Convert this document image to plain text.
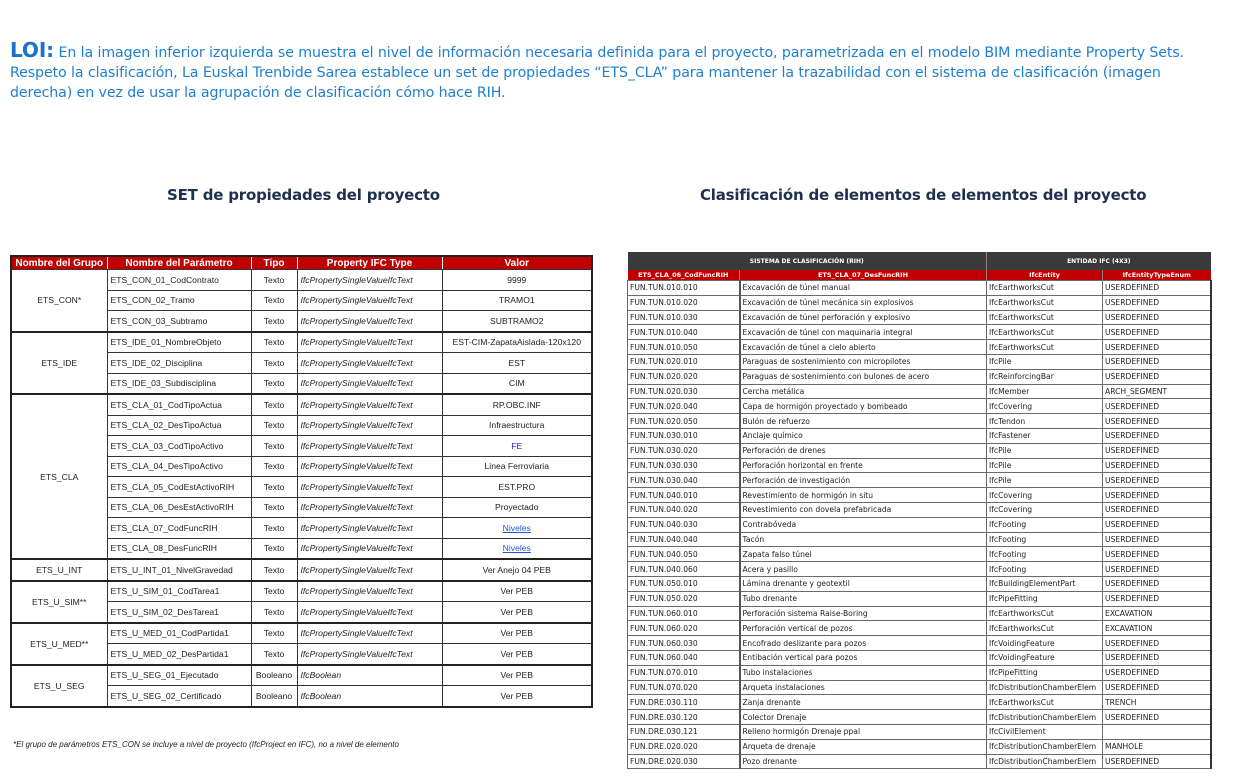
LOI: En la imagen inferior izquierda se muestra el nivel de información necesaria definida para el proyecto, parametrizada en el modelo BIM mediante Property Sets. Respeto la clasificación, La Euskal Trenbide Sarea establece un set de propiedades “ETS_CLA” para mantener la trazabilidad con el sistema de clasificación (imagen derecha) en vez de usar la agrupación de clasificación cómo hace RIH.
SET de propiedades del proyecto	Clasificación de elementos de elementos del proyecto
Nombre del Grupo	Nombre del Parámetro	Tipo	Property IFC Type	Valor
ETS_CON*	ETS_CON_01_CodContrato	Texto	IfcPropertySingleValueIfcText	9999
	ETS_CON_02_Tramo	Texto	IfcPropertySingleValueIfcText	TRAMO1
	ETS_CON_03_Subtramo	Texto	IfcPropertySingleValueIfcText	SUBTRAMO2
ETS_IDE	ETS_IDE_01_NombreObjeto	Texto	IfcPropertySingleValueIfcText	EST-CIM-ZapataAislada-120x120
	ETS_IDE_02_Disciplina	Texto	IfcPropertySingleValueIfcText	EST
	ETS_IDE_03_Subdisciplina	Texto	IfcPropertySingleValueIfcText	CIM
ETS_CLA	ETS_CLA_01_CodTipoActua	Texto	IfcPropertySingleValueIfcText	RP.OBC.INF
	ETS_CLA_02_DesTipoActua	Texto	IfcPropertySingleValueIfcText	Infraestructura
	ETS_CLA_03_CodTipoActivo	Texto	IfcPropertySingleValueIfcText	FE
	ETS_CLA_04_DesTipoActivo	Texto	IfcPropertySingleValueIfcText	Linea Ferroviaria
	ETS_CLA_05_CodEstActivoRIH	Texto	IfcPropertySingleValueIfcText	EST.PRO
	ETS_CLA_06_DesEstActivoRIH	Texto	IfcPropertySingleValueIfcText	Proyectado
	ETS_CLA_07_CodFuncRIH	Texto	IfcPropertySingleValueIfcText	Niveles
	ETS_CLA_08_DesFuncRIH	Texto	IfcPropertySingleValueIfcText	Niveles
ETS_U_INT	ETS_U_INT_01_NivelGravedad	Texto	IfcPropertySingleValueIfcText	Ver Anejo 04 PEB
ETS_U_SIM**	ETS_U_SIM_01_CodTarea1	Texto	IfcPropertySingleValueIfcText	Ver PEB
	ETS_U_SIM_02_DesTarea1	Texto	IfcPropertySingleValueIfcText	Ver PEB
ETS_U_MED**	ETS_U_MED_01_CodPartida1	Texto	IfcPropertySingleValueIfcText	Ver PEB
	ETS_U_MED_02_DesPartida1	Texto	IfcPropertySingleValueIfcText	Ver PEB
ETS_U_SEG	ETS_U_SEG_01_Ejecutado	Booleano	IfcBoolean	Ver PEB
	ETS_U_SEG_02_Certificado	Booleano	IfcBoolean	Ver PEB
*El grupo de parámetros ETS_CON se incluye a nivel de proyecto (IfcProject en IFC), no a nivel de elemento
SISTEMA DE CLASIFICACIÓN (RIH)		ENTIDAD IFC (4X3)	
ETS_CLA_06_CodFuncRIH	ETS_CLA_07_DesFuncRIH	IfcEntity	IfcEntityTypeEnum
FUN.TUN.010.010	Excavación de túnel manual	IfcEarthworksCut	USERDEFINED
FUN.TUN.010.020	Excavación de túnel mecánica sin explosivos	IfcEarthworksCut	USERDEFINED
FUN.TUN.010.030	Excavación de túnel perforación y explosivo	IfcEarthworksCut	USERDEFINED
FUN.TUN.010.040	Excavación de túnel con maquinaria integral	IfcEarthworksCut	USERDEFINED
FUN.TUN.010.050	Excavación de túnel a cielo abierto	IfcEarthworksCut	USERDEFINED
FUN.TUN.020.010	Paraguas de sostenimiento con micropilotes	IfcPile	USERDEFINED
FUN.TUN.020.020	Paraguas de sostenimiento con bulones de acero	IfcReinforcingBar	USERDEFINED
FUN.TUN.020.030	Cercha metálica	IfcMember	ARCH_SEGMENT
FUN.TUN.020.040	Capa de hormigón proyectado y bombeado	IfcCovering	USERDEFINED
FUN.TUN.020.050	Bulón de refuerzo	IfcTendon	USERDEFINED
FUN.TUN.030.010	Anclaje químico	IfcFastener	USERDEFINED
FUN.TUN.030.020	Perforación de drenes	IfcPile	USERDEFINED
FUN.TUN.030.030	Perforación horizontal en frente	IfcPile	USERDEFINED
FUN.TUN.030.040	Perforación de investigación	IfcPile	USERDEFINED
FUN.TUN.040.010	Revestimiento de hormigón in situ	IfcCovering	USERDEFINED
FUN.TUN.040.020	Revestimiento con dovela prefabricada	IfcCovering	USERDEFINED
FUN.TUN.040.030	Contrabóveda	IfcFooting	USERDEFINED
FUN.TUN.040.040	Tacón	IfcFooting	USERDEFINED
FUN.TUN.040.050	Zapata falso túnel	IfcFooting	USERDEFINED
FUN.TUN.040.060	Acera y pasillo	IfcFooting	USERDEFINED
FUN.TUN.050.010	Lámina drenante y geotextil	IfcBuildingElementPart	USERDEFINED
FUN.TUN.050.020	Tubo drenante	IfcPipeFitting	USERDEFINED
FUN.TUN.060.010	Perforación sistema Raise-Boring	IfcEarthworksCut	EXCAVATION
FUN.TUN.060.020	Perforación vertical de pozos	IfcEarthworksCut	EXCAVATION
FUN.TUN.060.030	Encofrado deslizante para pozos	IfcVoidingFeature	USERDEFINED
FUN.TUN.060.040	Entibación vertical para pozos	IfcVoidingFeature	USERDEFINED
FUN.TUN.070.010	Tubo instalaciones	IfcPipeFitting	USERDEFINED
FUN.TUN.070.020	Arqueta instalaciones	IfcDistributionChamberElem	USERDEFINED
FUN.DRE.030.110	Zanja drenante	IfcEarthworksCut	TRENCH
FUN.DRE.030.120	Colector Drenaje	IfcDistributionChamberElem	USERDEFINED
FUN.DRE.030.121	Relleno hormigón Drenaje ppal	IfcCivilElement	
FUN.DRE.020.020	Arqueta de drenaje	IfcDistributionChamberElem	MANHOLE
FUN.DRE.020.030	Pozo drenante	IfcDistributionChamberElem	USERDEFINED
